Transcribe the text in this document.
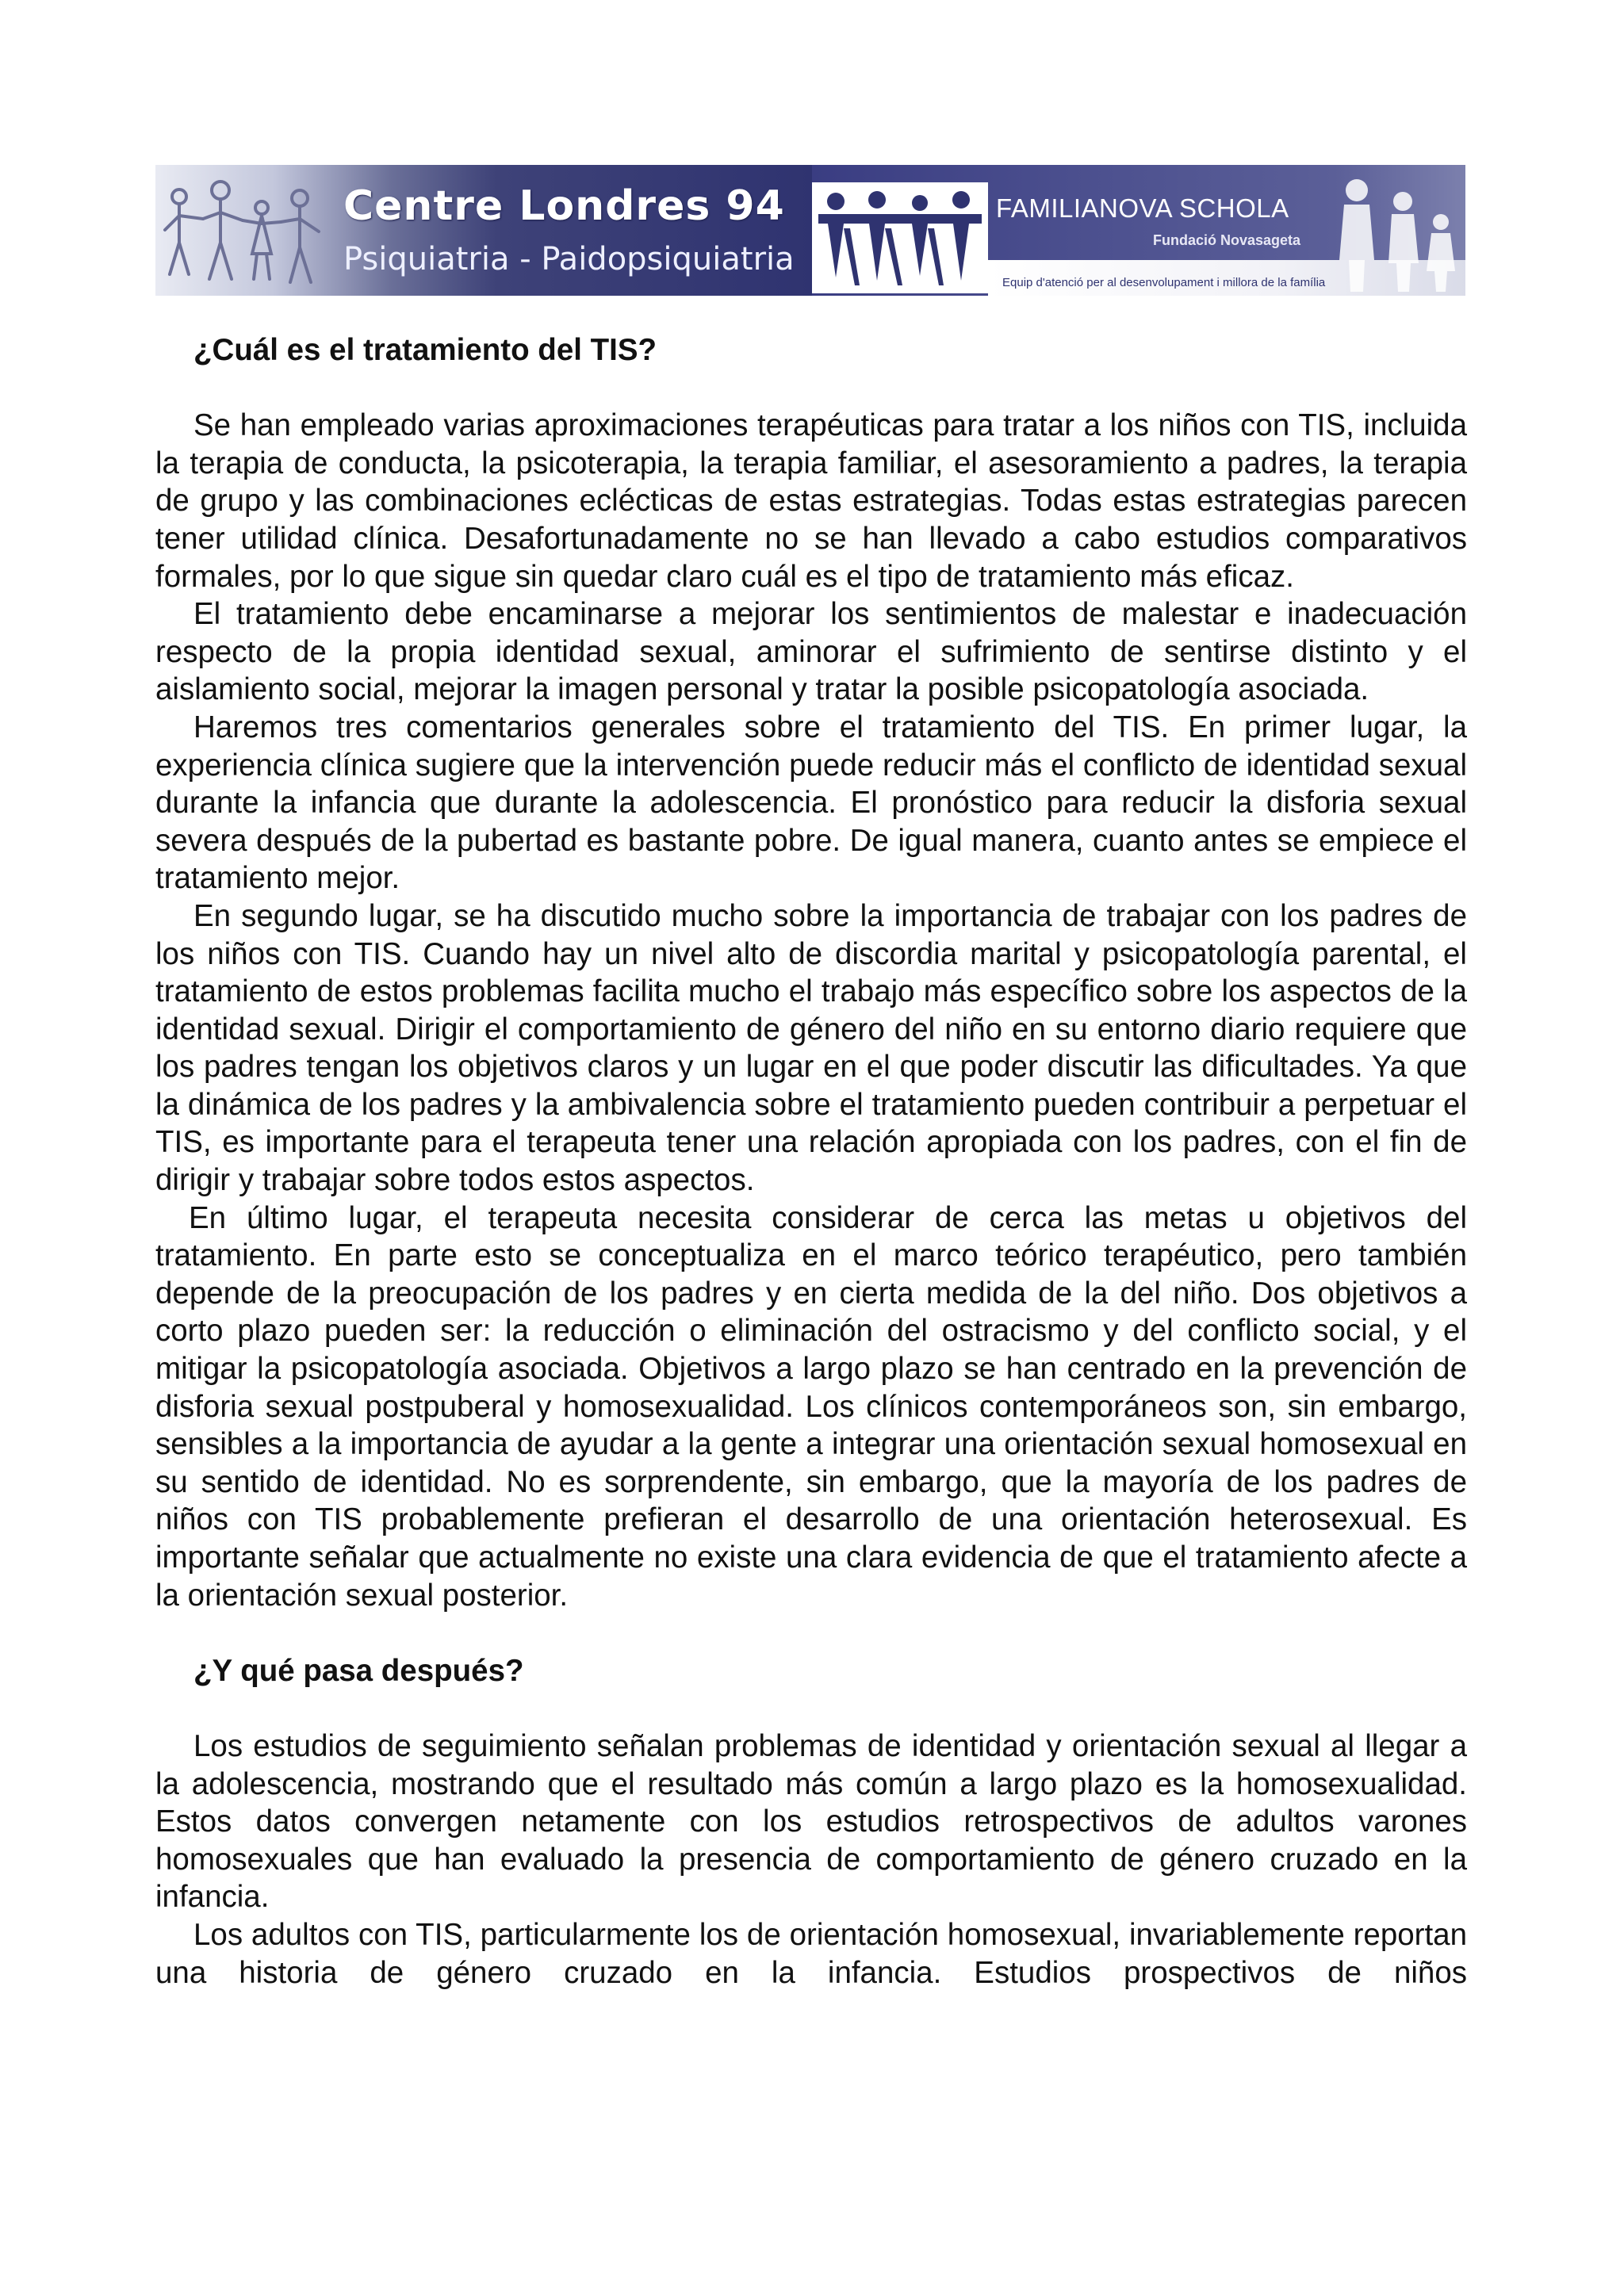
Centre Londres 94
Psiquiatria - Paidopsiquiatria
FAMILIANOVA SCHOLA
Fundació Novasageta
Equip d'atenció per al desenvolupament i millora de la família
¿Cuál es el tratamiento del TIS?

Se han empleado varias aproximaciones terapéuticas para tratar a los niños con TIS, incluida la terapia de conducta, la psicoterapia, la terapia familiar, el asesoramiento a padres, la terapia de grupo y las combinaciones eclécticas de estas estrategias. Todas estas estrategias parecen tener utilidad clínica. Desafortunadamente no se han llevado a cabo estudios comparativos formales, por lo que sigue sin quedar claro cuál es el tipo de tratamiento más eficaz.

El tratamiento debe encaminarse a mejorar los sentimientos de malestar e inadecuación respecto de la propia identidad sexual, aminorar el sufrimiento de sentirse distinto y el aislamiento social, mejorar la imagen personal y tratar la posible psicopatología asociada.

Haremos tres comentarios generales sobre el tratamiento del TIS. En primer lugar, la experiencia clínica sugiere que la intervención puede reducir más el conflicto de identidad sexual durante la infancia que durante la adolescencia. El pronóstico para reducir la disforia sexual severa después de la pubertad es bastante pobre. De igual manera, cuanto antes se empiece el tratamiento mejor.

En segundo lugar, se ha discutido mucho sobre la importancia de trabajar con los padres de los niños con TIS. Cuando hay un nivel alto de discordia marital y psicopatología parental, el tratamiento de estos problemas facilita mucho el trabajo más específico sobre los aspectos de la identidad sexual. Dirigir el comportamiento de género del niño en su entorno diario requiere que los padres tengan los objetivos claros y un lugar en el que poder discutir las dificultades. Ya que la dinámica de los padres y la ambivalencia sobre el tratamiento pueden contribuir a perpetuar el TIS, es importante para el terapeuta tener una relación apropiada con los padres, con el fin de dirigir y trabajar sobre todos estos aspectos.

En último lugar, el terapeuta necesita considerar de cerca las metas u objetivos del tratamiento. En parte esto se conceptualiza en el marco teórico terapéutico, pero también depende de la preocupación de los padres y en cierta medida de la del niño. Dos objetivos a corto plazo pueden ser: la reducción o eliminación del ostracismo y del conflicto social, y el mitigar la psicopatología asociada. Objetivos a largo plazo se han centrado en la prevención de disforia sexual postpuberal y homosexualidad. Los clínicos contemporáneos son, sin embargo, sensibles a la importancia de ayudar a la gente a integrar una orientación sexual homosexual en su sentido de identidad. No es sorprendente, sin embargo, que la mayoría de los padres de niños con TIS probablemente prefieran el desarrollo de una orientación heterosexual. Es importante señalar que actualmente no existe una clara evidencia de que el tratamiento afecte a la orientación sexual posterior.

¿Y qué pasa después?

Los estudios de seguimiento señalan problemas de identidad y orientación sexual al llegar a la adolescencia, mostrando que el resultado más común a largo plazo es la homosexualidad. Estos datos convergen netamente con los estudios retrospectivos de adultos varones homosexuales que han evaluado la presencia de comportamiento de género cruzado en la infancia.

Los adultos con TIS, particularmente los de orientación homosexual, invariablemente reportan una historia de género cruzado en la infancia. Estudios prospectivos de niños
